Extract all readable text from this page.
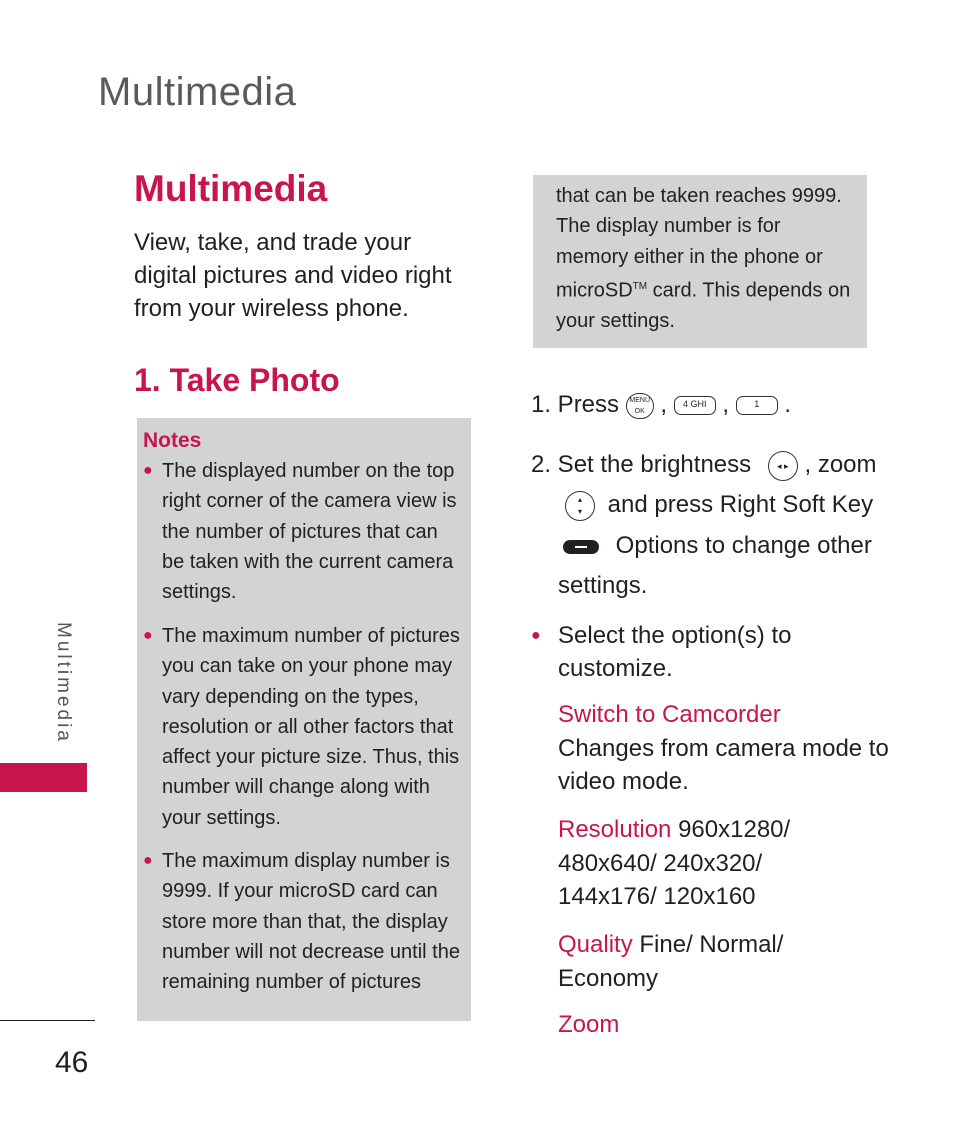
Multimedia
Multimedia
View, take, and trade your digital pictures and video right from your wireless phone.
1. Take Photo
Notes
● The displayed number on the top right corner of the camera view is the number of pictures that can be taken with the current camera settings.
● The maximum number of pictures you can take on your phone may vary depending on the types, resolution or all other factors that affect your picture size. Thus, this number will change along with your settings.
● The maximum display number is 9999. If your microSD card can store more than that, the display number will not decrease until the remaining number of pictures
that can be taken reaches 9999.
The display number is for
memory either in the phone or
microSD™ card. This depends on
your settings.
1. Press MENU OK , 4 GHI , 1 .
2. Set the brightness	◂ ▸ , zoom
▴
▾ and press Right Soft Key
Options to change other
settings.
● Select the option(s) to customize.
Switch to Camcorder
Changes from camera mode to video mode.
Resolution 960x1280/ 480x640/ 240x320/ 144x176/ 120x160
Quality Fine/ Normal/ Economy
Zoom
Multimedia
46
